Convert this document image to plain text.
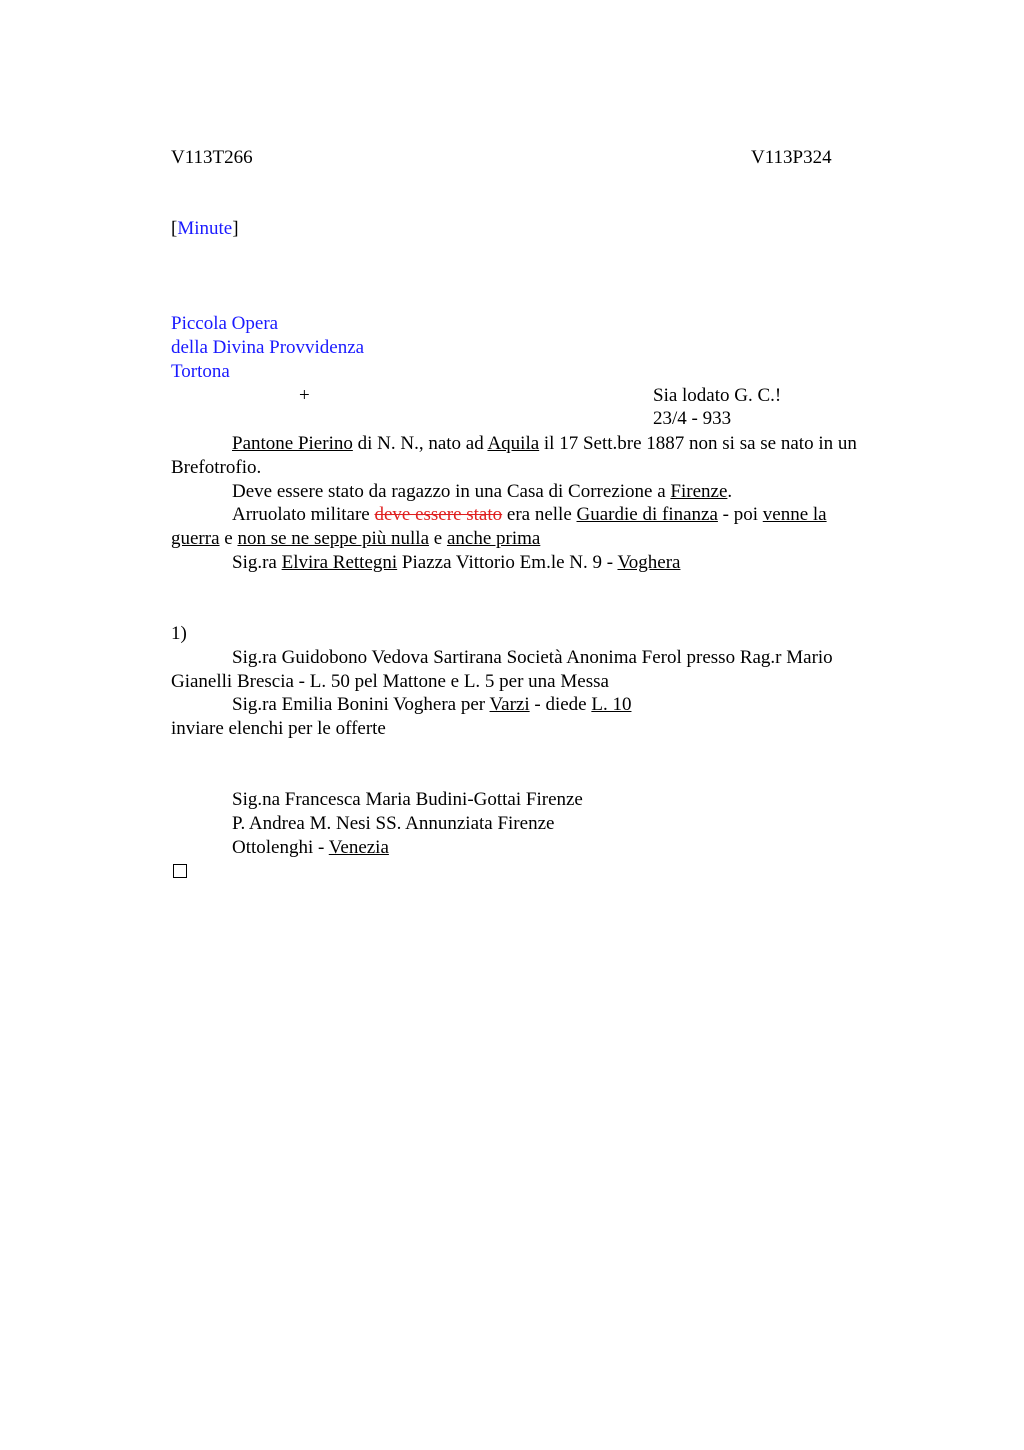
V113T266	V113P324
[Minute]
Piccola Opera
della Divina Provvidenza
Tortona
+	Sia lodato G. C.!
23/4 - 933
Pantone Pierino di N. N., nato ad Aquila il 17 Sett.bre 1887 non si sa se nato in un
Brefotrofio.
Deve essere stato da ragazzo in una Casa di Correzione a Firenze.
Arruolato militare deve essere stato era nelle Guardie di finanza - poi venne la
guerra e non se ne seppe più nulla e anche prima
Sig.ra Elvira Rettegni Piazza Vittorio Em.le N. 9 - Voghera
1)
Sig.ra Guidobono Vedova Sartirana Società Anonima Ferol presso Rag.r Mario
Gianelli Brescia - L. 50 pel Mattone e L. 5 per una Messa
Sig.ra Emilia Bonini Voghera per Varzi - diede L. 10
inviare elenchi per le offerte
Sig.na Francesca Maria Budini-Gottai Firenze
P. Andrea M. Nesi SS. Annunziata Firenze
Ottolenghi - Venezia
